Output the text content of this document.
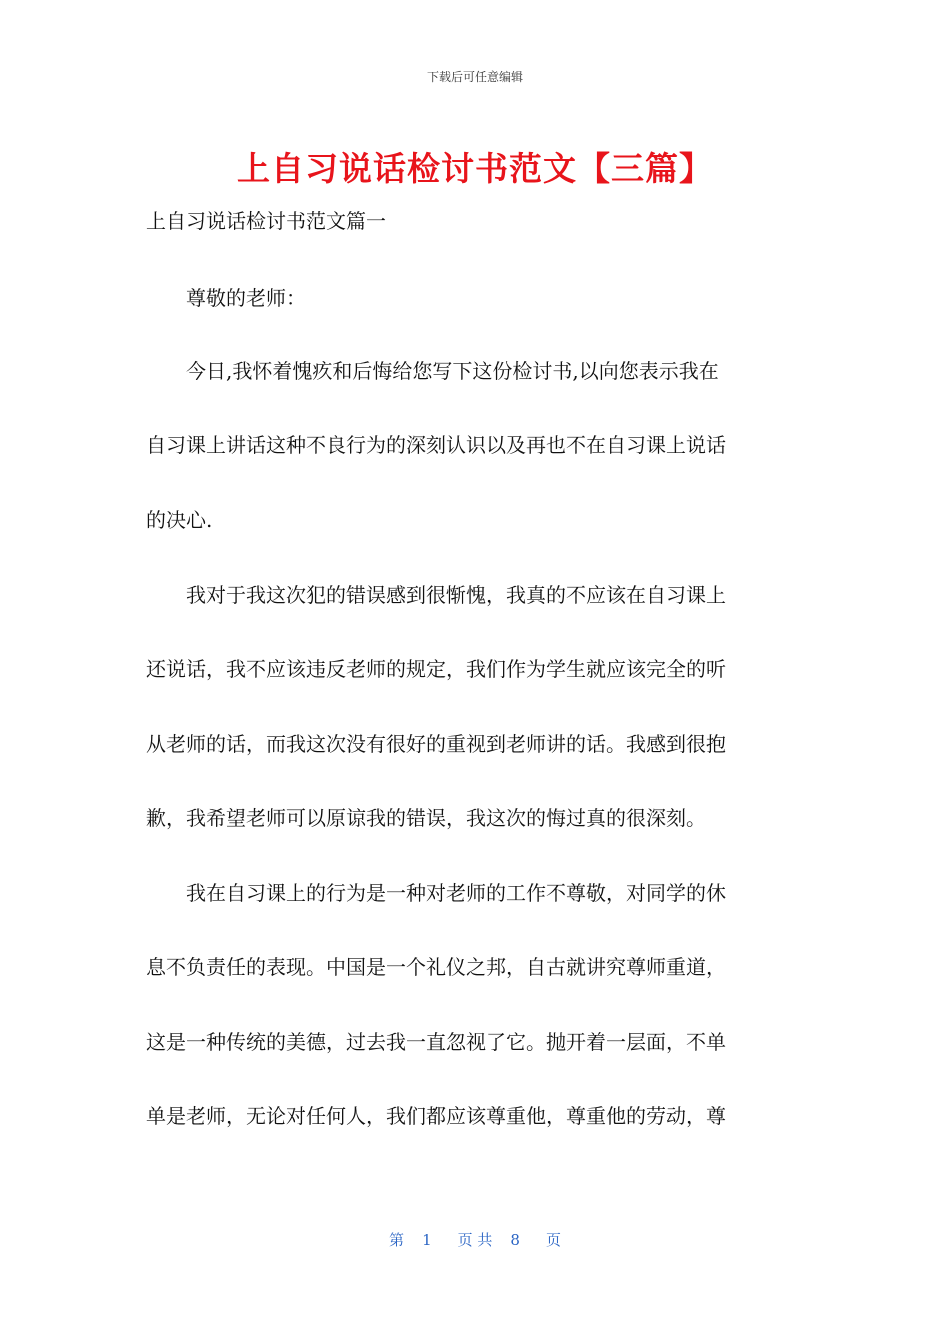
下载后可任意编辑
上自习说话检讨书范文【三篇】
上自习说话检讨书范文篇一
　　尊敬的老师：
　　今日,我怀着愧疚和后悔给您写下这份检讨书,以向您表示我在
自习课上讲话这种不良行为的深刻认识以及再也不在自习课上说话
的决心.
　　我对于我这次犯的错误感到很惭愧，我真的不应该在自习课上
还说话，我不应该违反老师的规定，我们作为学生就应该完全的听
从老师的话，而我这次没有很好的重视到老师讲的话。我感到很抱
歉，我希望老师可以原谅我的错误，我这次的悔过真的很深刻。
　　我在自习课上的行为是一种对老师的工作不尊敬，对同学的休
息不负责任的表现。中国是一个礼仪之邦，自古就讲究尊师重道，
这是一种传统的美德，过去我一直忽视了它。抛开着一层面，不单
单是老师，无论对任何人，我们都应该尊重他，尊重他的劳动，尊
第 1 页 共 8 页
